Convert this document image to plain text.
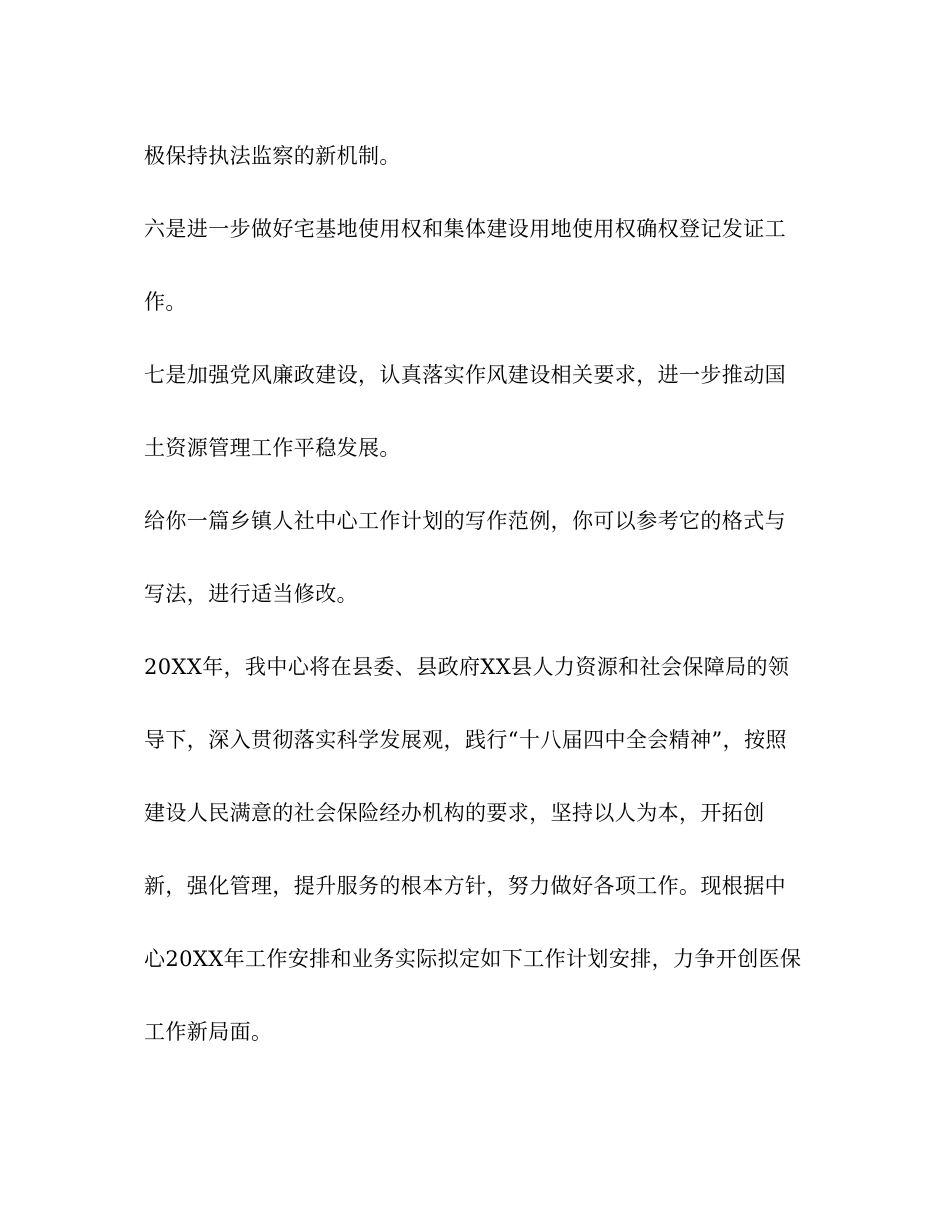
极保持执法监察的新机制。
六是进一步做好宅基地使用权和集体建设用地使用权确权登记发证工
作。
七是加强党风廉政建设，认真落实作风建设相关要求，进一步推动国
土资源管理工作平稳发展。
给你一篇乡镇人社中心工作计划的写作范例，你可以参考它的格式与
写法，进行适当修改。
20XX年，我中心将在县委、县政府XX县人力资源和社会保障局的领
导下，深入贯彻落实科学发展观，践行“十八届四中全会精神”，按照
建设人民满意的社会保险经办机构的要求，坚持以人为本，开拓创
新，强化管理，提升服务的根本方针，努力做好各项工作。现根据中
心20XX年工作安排和业务实际拟定如下工作计划安排，力争开创医保
工作新局面。
